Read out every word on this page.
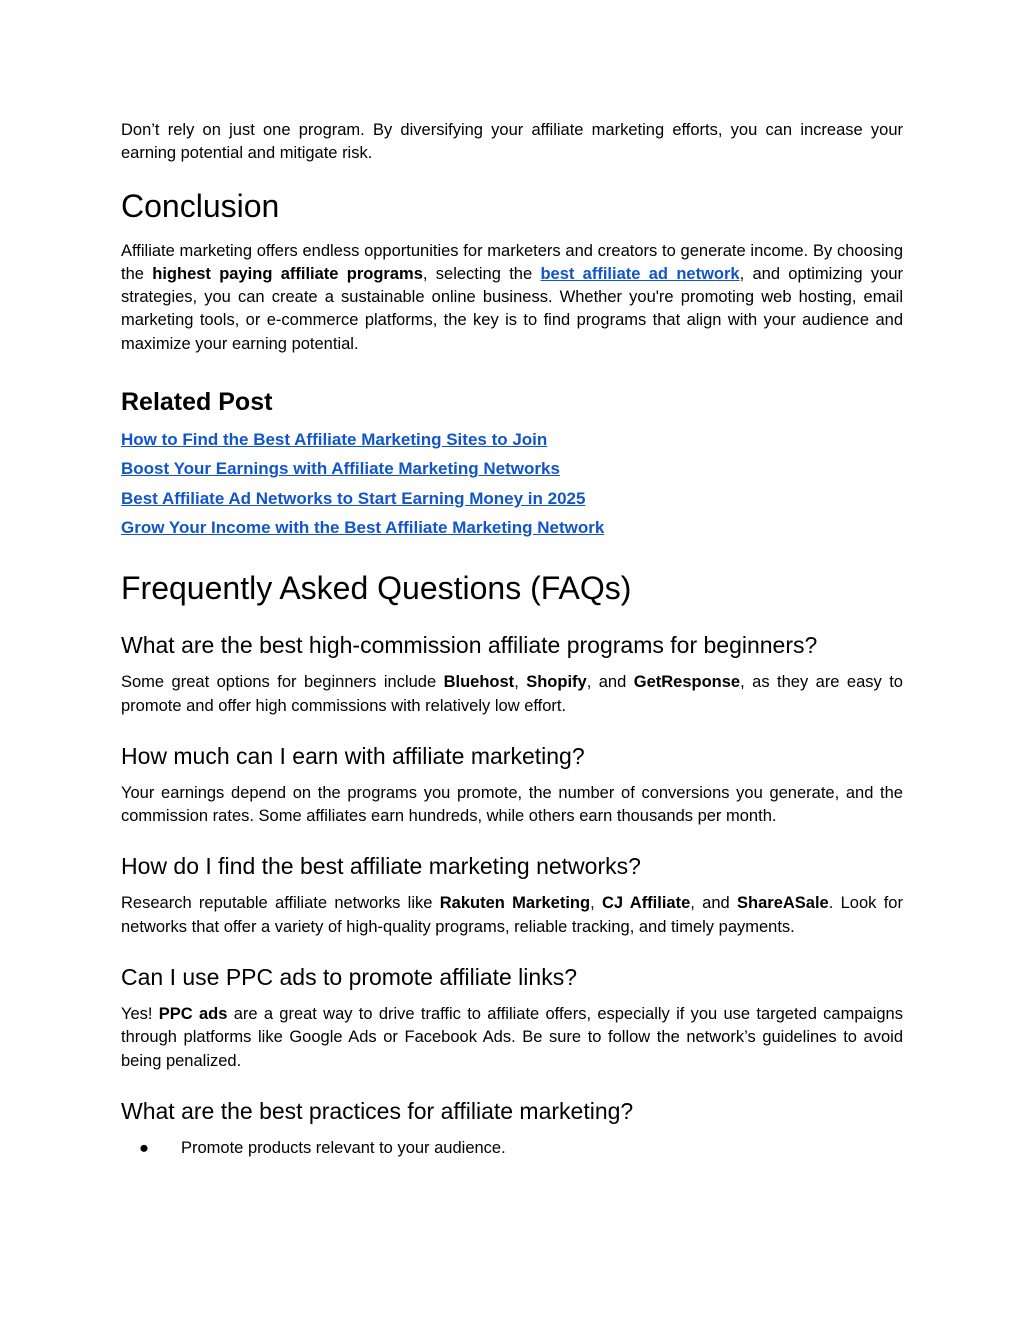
Don’t rely on just one program. By diversifying your affiliate marketing efforts, you can increase your earning potential and mitigate risk.

Conclusion

Affiliate marketing offers endless opportunities for marketers and creators to generate income. By choosing the highest paying affiliate programs, selecting the best affiliate ad network, and optimizing your strategies, you can create a sustainable online business. Whether you're promoting web hosting, email marketing tools, or e-commerce platforms, the key is to find programs that align with your audience and maximize your earning potential.

Related Post
How to Find the Best Affiliate Marketing Sites to Join
Boost Your Earnings with Affiliate Marketing Networks
Best Affiliate Ad Networks to Start Earning Money in 2025
Grow Your Income with the Best Affiliate Marketing Network
Frequently Asked Questions (FAQs)
What are the best high-commission affiliate programs for beginners?

Some great options for beginners include Bluehost, Shopify, and GetResponse, as they are easy to promote and offer high commissions with relatively low effort.

How much can I earn with affiliate marketing?

Your earnings depend on the programs you promote, the number of conversions you generate, and the commission rates. Some affiliates earn hundreds, while others earn thousands per month.

How do I find the best affiliate marketing networks?

Research reputable affiliate networks like Rakuten Marketing, CJ Affiliate, and ShareASale. Look for networks that offer a variety of high-quality programs, reliable tracking, and timely payments.

Can I use PPC ads to promote affiliate links?

Yes! PPC ads are a great way to drive traffic to affiliate offers, especially if you use targeted campaigns through platforms like Google Ads or Facebook Ads. Be sure to follow the network’s guidelines to avoid being penalized.

What are the best practices for affiliate marketing?
● Promote products relevant to your audience.
